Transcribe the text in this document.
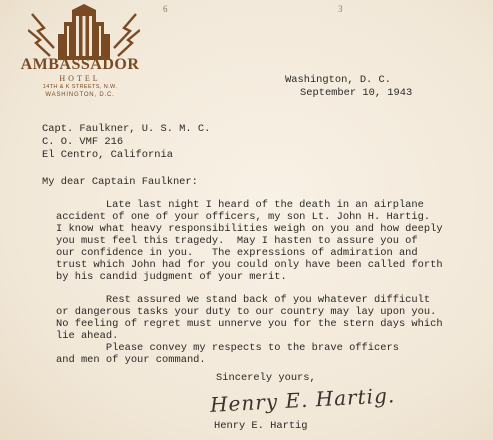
6	3
AMBASSADOR
HOTEL
14TH & K STREETS, N.W.
WASHINGTON, D.C.
Washington, D. C.
September 10, 1943
Capt. Faulkner, U. S. M. C.
C. O. VMF 216
El Centro, California
My dear Captain Faulkner:
Late last night I heard of the death in an airplane
accident of one of your officers, my son Lt. John H. Hartig.
I know what heavy responsibilities weigh on you and how deeply
you must feel this tragedy.  May I hasten to assure you of
our confidence in you.   The expressions of admiration and
trust which John had for you could only have been called forth
by his candid judgment of your merit.
Rest assured we stand back of you whatever difficult
or dangerous tasks your duty to our country may lay upon you.
No feeling of regret must unnerve you for the stern days which
lie ahead.
Please convey my respects to the brave officers
and men of your command.
Sincerely yours,
Henry E. Hartig.
Henry E. Hartig
